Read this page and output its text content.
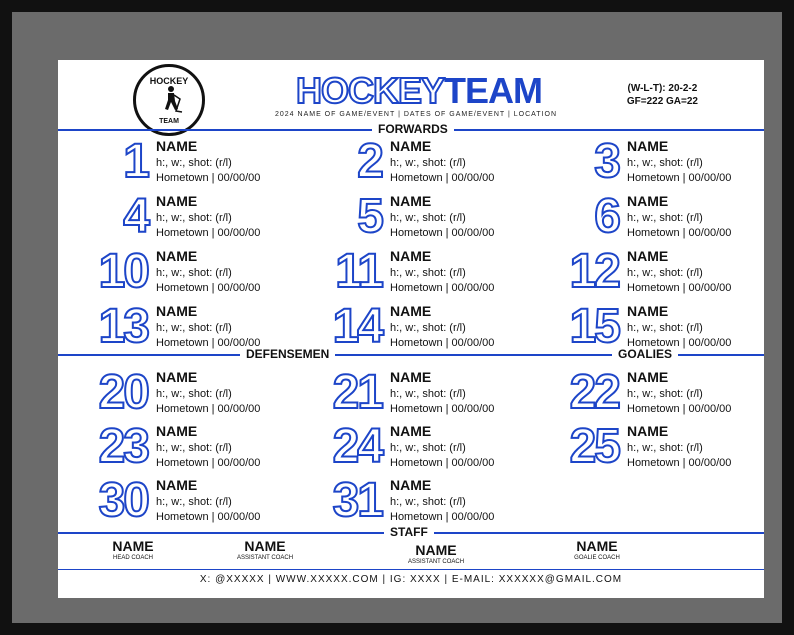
HOCKEY
TEAM
HOCKEYTEAM
2024 NAME OF GAME/EVENT | DATES OF GAME/EVENT | LOCATION
(W-L-T): 20-2-2
GF=222 GA=22
FORWARDS
DEFENSEMEN	GOALIES
STAFF
1 NAME
h:, w:, shot: (r/l)
Hometown | 00/00/00 2 NAME
h:, w:, shot: (r/l)
Hometown | 00/00/00 3 NAME
h:, w:, shot: (r/l)
Hometown | 00/00/00
4 NAME
h:, w:, shot: (r/l)
Hometown | 00/00/00 5 NAME
h:, w:, shot: (r/l)
Hometown | 00/00/00 6 NAME
h:, w:, shot: (r/l)
Hometown | 00/00/00
10 NAME
h:, w:, shot: (r/l)
Hometown | 00/00/00 11 NAME
h:, w:, shot: (r/l)
Hometown | 00/00/00 12 NAME
h:, w:, shot: (r/l)
Hometown | 00/00/00
13 NAME
h:, w:, shot: (r/l)
Hometown | 00/00/00 14 NAME
h:, w:, shot: (r/l)
Hometown | 00/00/00 15 NAME
h:, w:, shot: (r/l)
Hometown | 00/00/00
20 NAME
h:, w:, shot: (r/l)
Hometown | 00/00/00 21 NAME
h:, w:, shot: (r/l)
Hometown | 00/00/00 22 NAME
h:, w:, shot: (r/l)
Hometown | 00/00/00
23 NAME
h:, w:, shot: (r/l)
Hometown | 00/00/00 24 NAME
h:, w:, shot: (r/l)
Hometown | 00/00/00 25 NAME
h:, w:, shot: (r/l)
Hometown | 00/00/00
30 NAME
h:, w:, shot: (r/l)
Hometown | 00/00/00 31 NAME
h:, w:, shot: (r/l)
Hometown | 00/00/00
NAME
HEAD COACH
NAME
ASSISTANT COACH	NAME
ASSISTANT COACH
NAME
GOALIE COACH
X: @XXXXX | WWW.XXXXX.COM | IG: XXXX | E-MAIL: XXXXXX@GMAIL.COM
